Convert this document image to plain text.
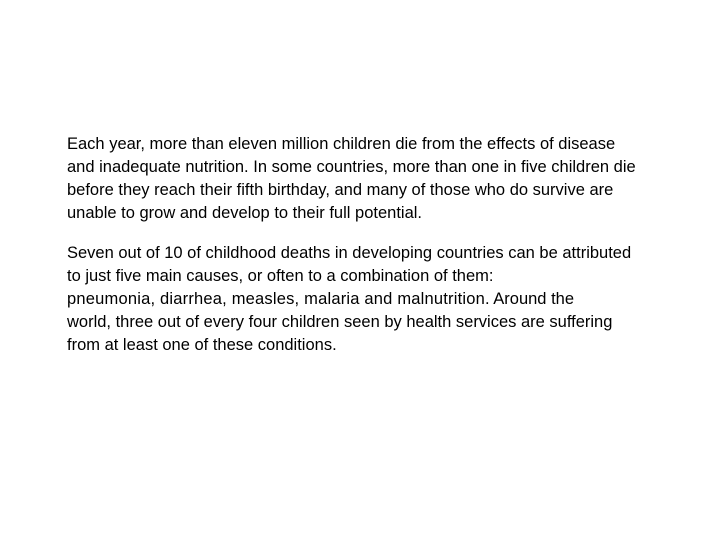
Each year, more than eleven million children die from the effects of disease
and inadequate nutrition. In some countries, more than one in five children die
before they reach their fifth birthday, and many of those who do survive are
unable to grow and develop to their full potential.

Seven out of 10 of childhood deaths in developing countries can be attributed
to just five main causes, or often to a combination of them:
pneumonia, diarrhea, measles, malaria and malnutrition. Around the
world, three out of every four children seen by health services are suffering
from at least one of these conditions.
